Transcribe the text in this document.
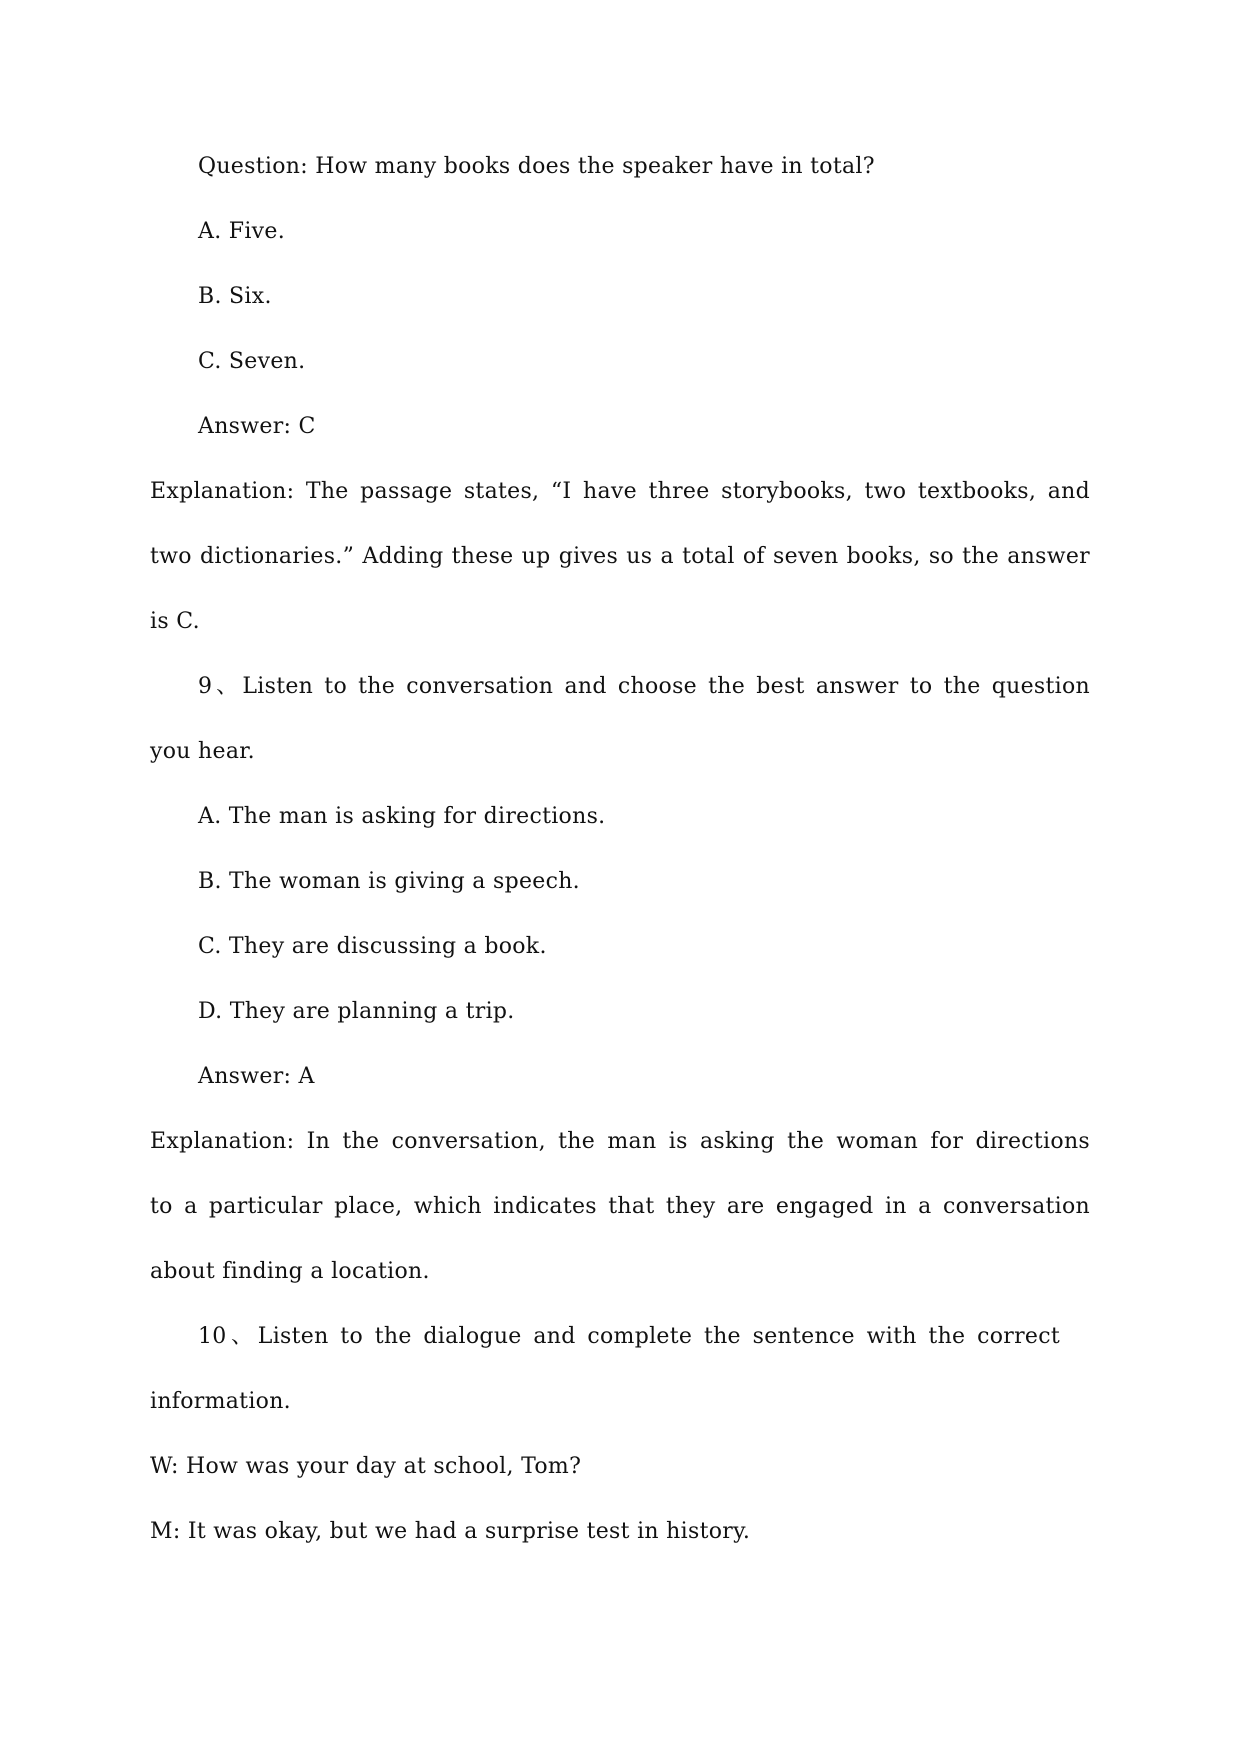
Question: How many books does the speaker have in total?
A. Five.
B. Six.
C. Seven.
Answer: C
Explanation: The passage states, “I have three storybooks, two textbooks, and
two dictionaries.” Adding these up gives us a total of seven books, so the answer
is C.
9、Listen to the conversation and choose the best answer to the question
you hear.
A. The man is asking for directions.
B. The woman is giving a speech.
C. They are discussing a book.
D. They are planning a trip.
Answer: A
Explanation: In the conversation, the man is asking the woman for directions
to a particular place, which indicates that they are engaged in a conversation
about finding a location.
10、Listen to the dialogue and complete the sentence with the correct
information.
W: How was your day at school, Tom?
M: It was okay, but we had a surprise test in history.
